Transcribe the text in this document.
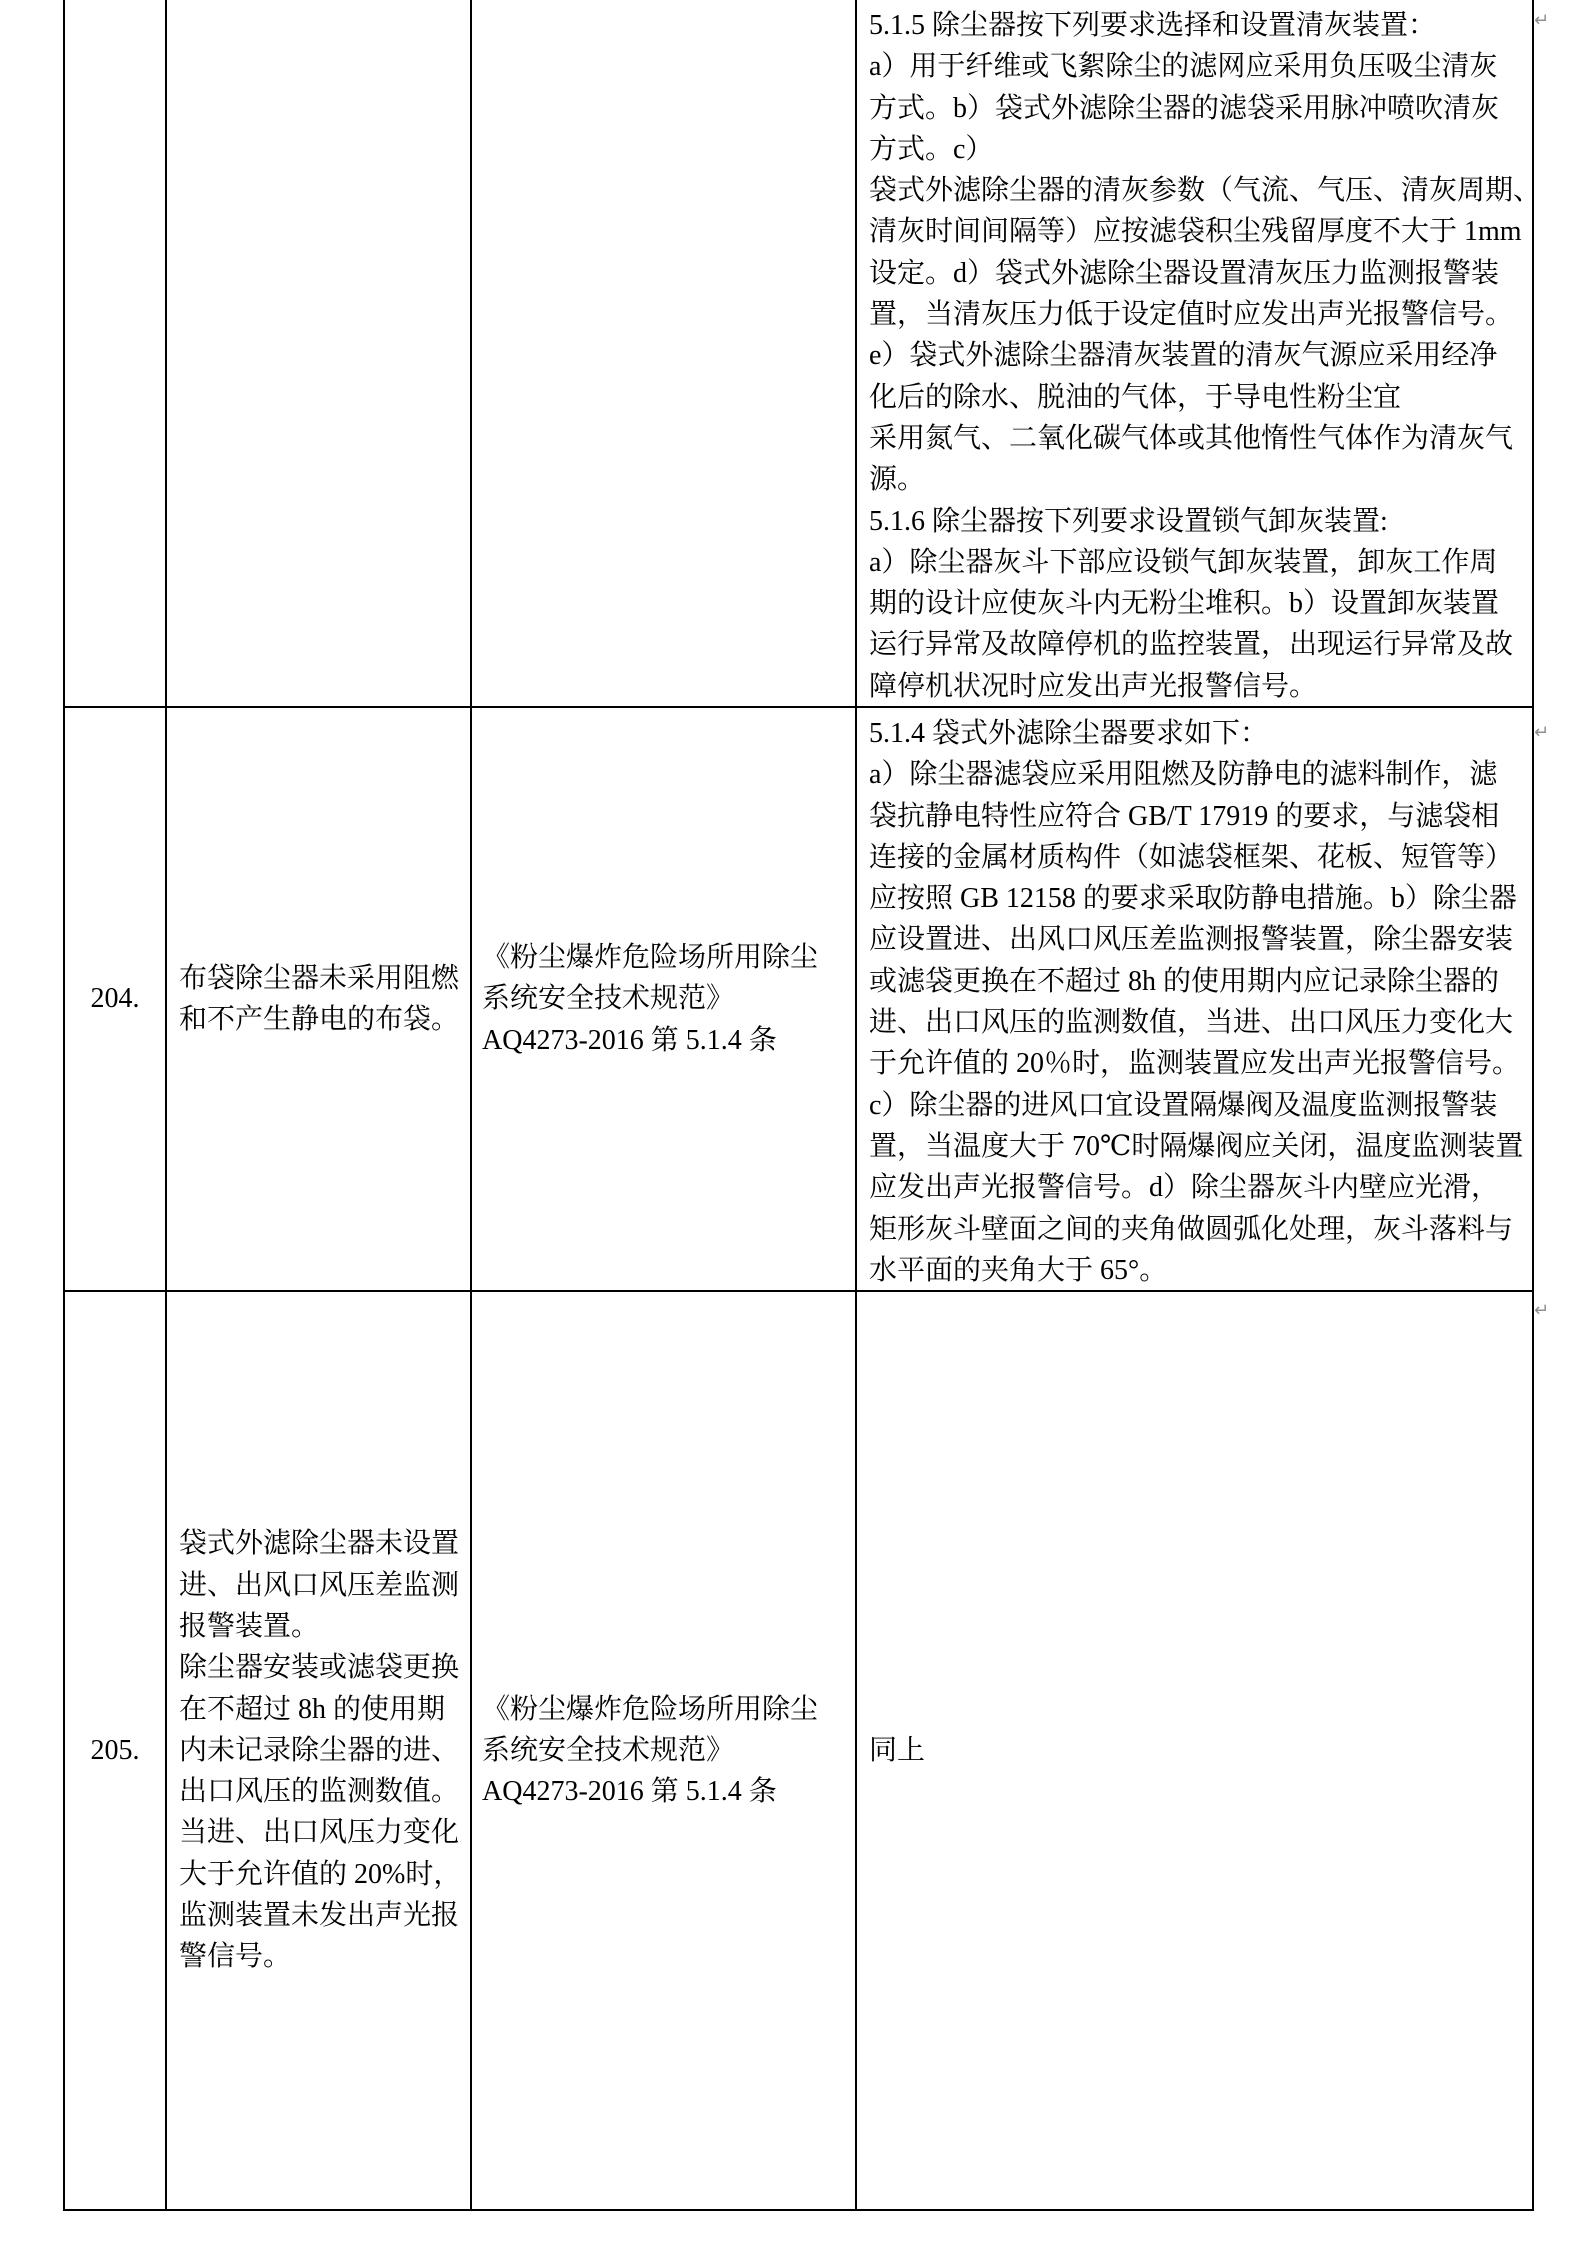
5.1.5 除尘器按下列要求选择和设置清灰装置：
a）用于纤维或飞絮除尘的滤网应采用负压吸尘清灰
方式。b）袋式外滤除尘器的滤袋采用脉冲喷吹清灰
方式。c）
袋式外滤除尘器的清灰参数（气流、气压、清灰周期、
清灰时间间隔等）应按滤袋积尘残留厚度不大于 1mm
设定。d）袋式外滤除尘器设置清灰压力监测报警装
置，当清灰压力低于设定值时应发出声光报警信号。
e）袋式外滤除尘器清灰装置的清灰气源应采用经净
化后的除水、脱油的气体，于导电性粉尘宜
采用氮气、二氧化碳气体或其他惰性气体作为清灰气
源。
5.1.6 除尘器按下列要求设置锁气卸灰装置:
a）除尘器灰斗下部应设锁气卸灰装置，卸灰工作周
期的设计应使灰斗内无粉尘堆积。b）设置卸灰装置
运行异常及故障停机的监控装置，出现运行异常及故
障停机状况时应发出声光报警信号。
204.
布袋除尘器未采用阻燃
和不产生静电的布袋。
《粉尘爆炸危险场所用除尘
系统安全技术规范》
AQ4273-2016 第 5.1.4 条
5.1.4 袋式外滤除尘器要求如下：
a）除尘器滤袋应采用阻燃及防静电的滤料制作，滤
袋抗静电特性应符合 GB/T 17919 的要求，与滤袋相
连接的金属材质构件（如滤袋框架、花板、短管等）
应按照 GB 12158 的要求采取防静电措施。b）除尘器
应设置进、出风口风压差监测报警装置，除尘器安装
或滤袋更换在不超过 8h 的使用期内应记录除尘器的
进、出口风压的监测数值，当进、出口风压力变化大
于允许值的 20％时，监测装置应发出声光报警信号。
c）除尘器的进风口宜设置隔爆阀及温度监测报警装
置，当温度大于 70℃时隔爆阀应关闭，温度监测装置
应发出声光报警信号。d）除尘器灰斗内壁应光滑，
矩形灰斗壁面之间的夹角做圆弧化处理，灰斗落料与
水平面的夹角大于 65°。
205.
袋式外滤除尘器未设置
进、出风口风压差监测
报警装置。
除尘器安装或滤袋更换
在不超过 8h 的使用期
内未记录除尘器的进、
出口风压的监测数值。
当进、出口风压力变化
大于允许值的 20%时，
监测装置未发出声光报
警信号。
《粉尘爆炸危险场所用除尘
系统安全技术规范》
AQ4273-2016 第 5.1.4 条
同上
↵
↵
↵
